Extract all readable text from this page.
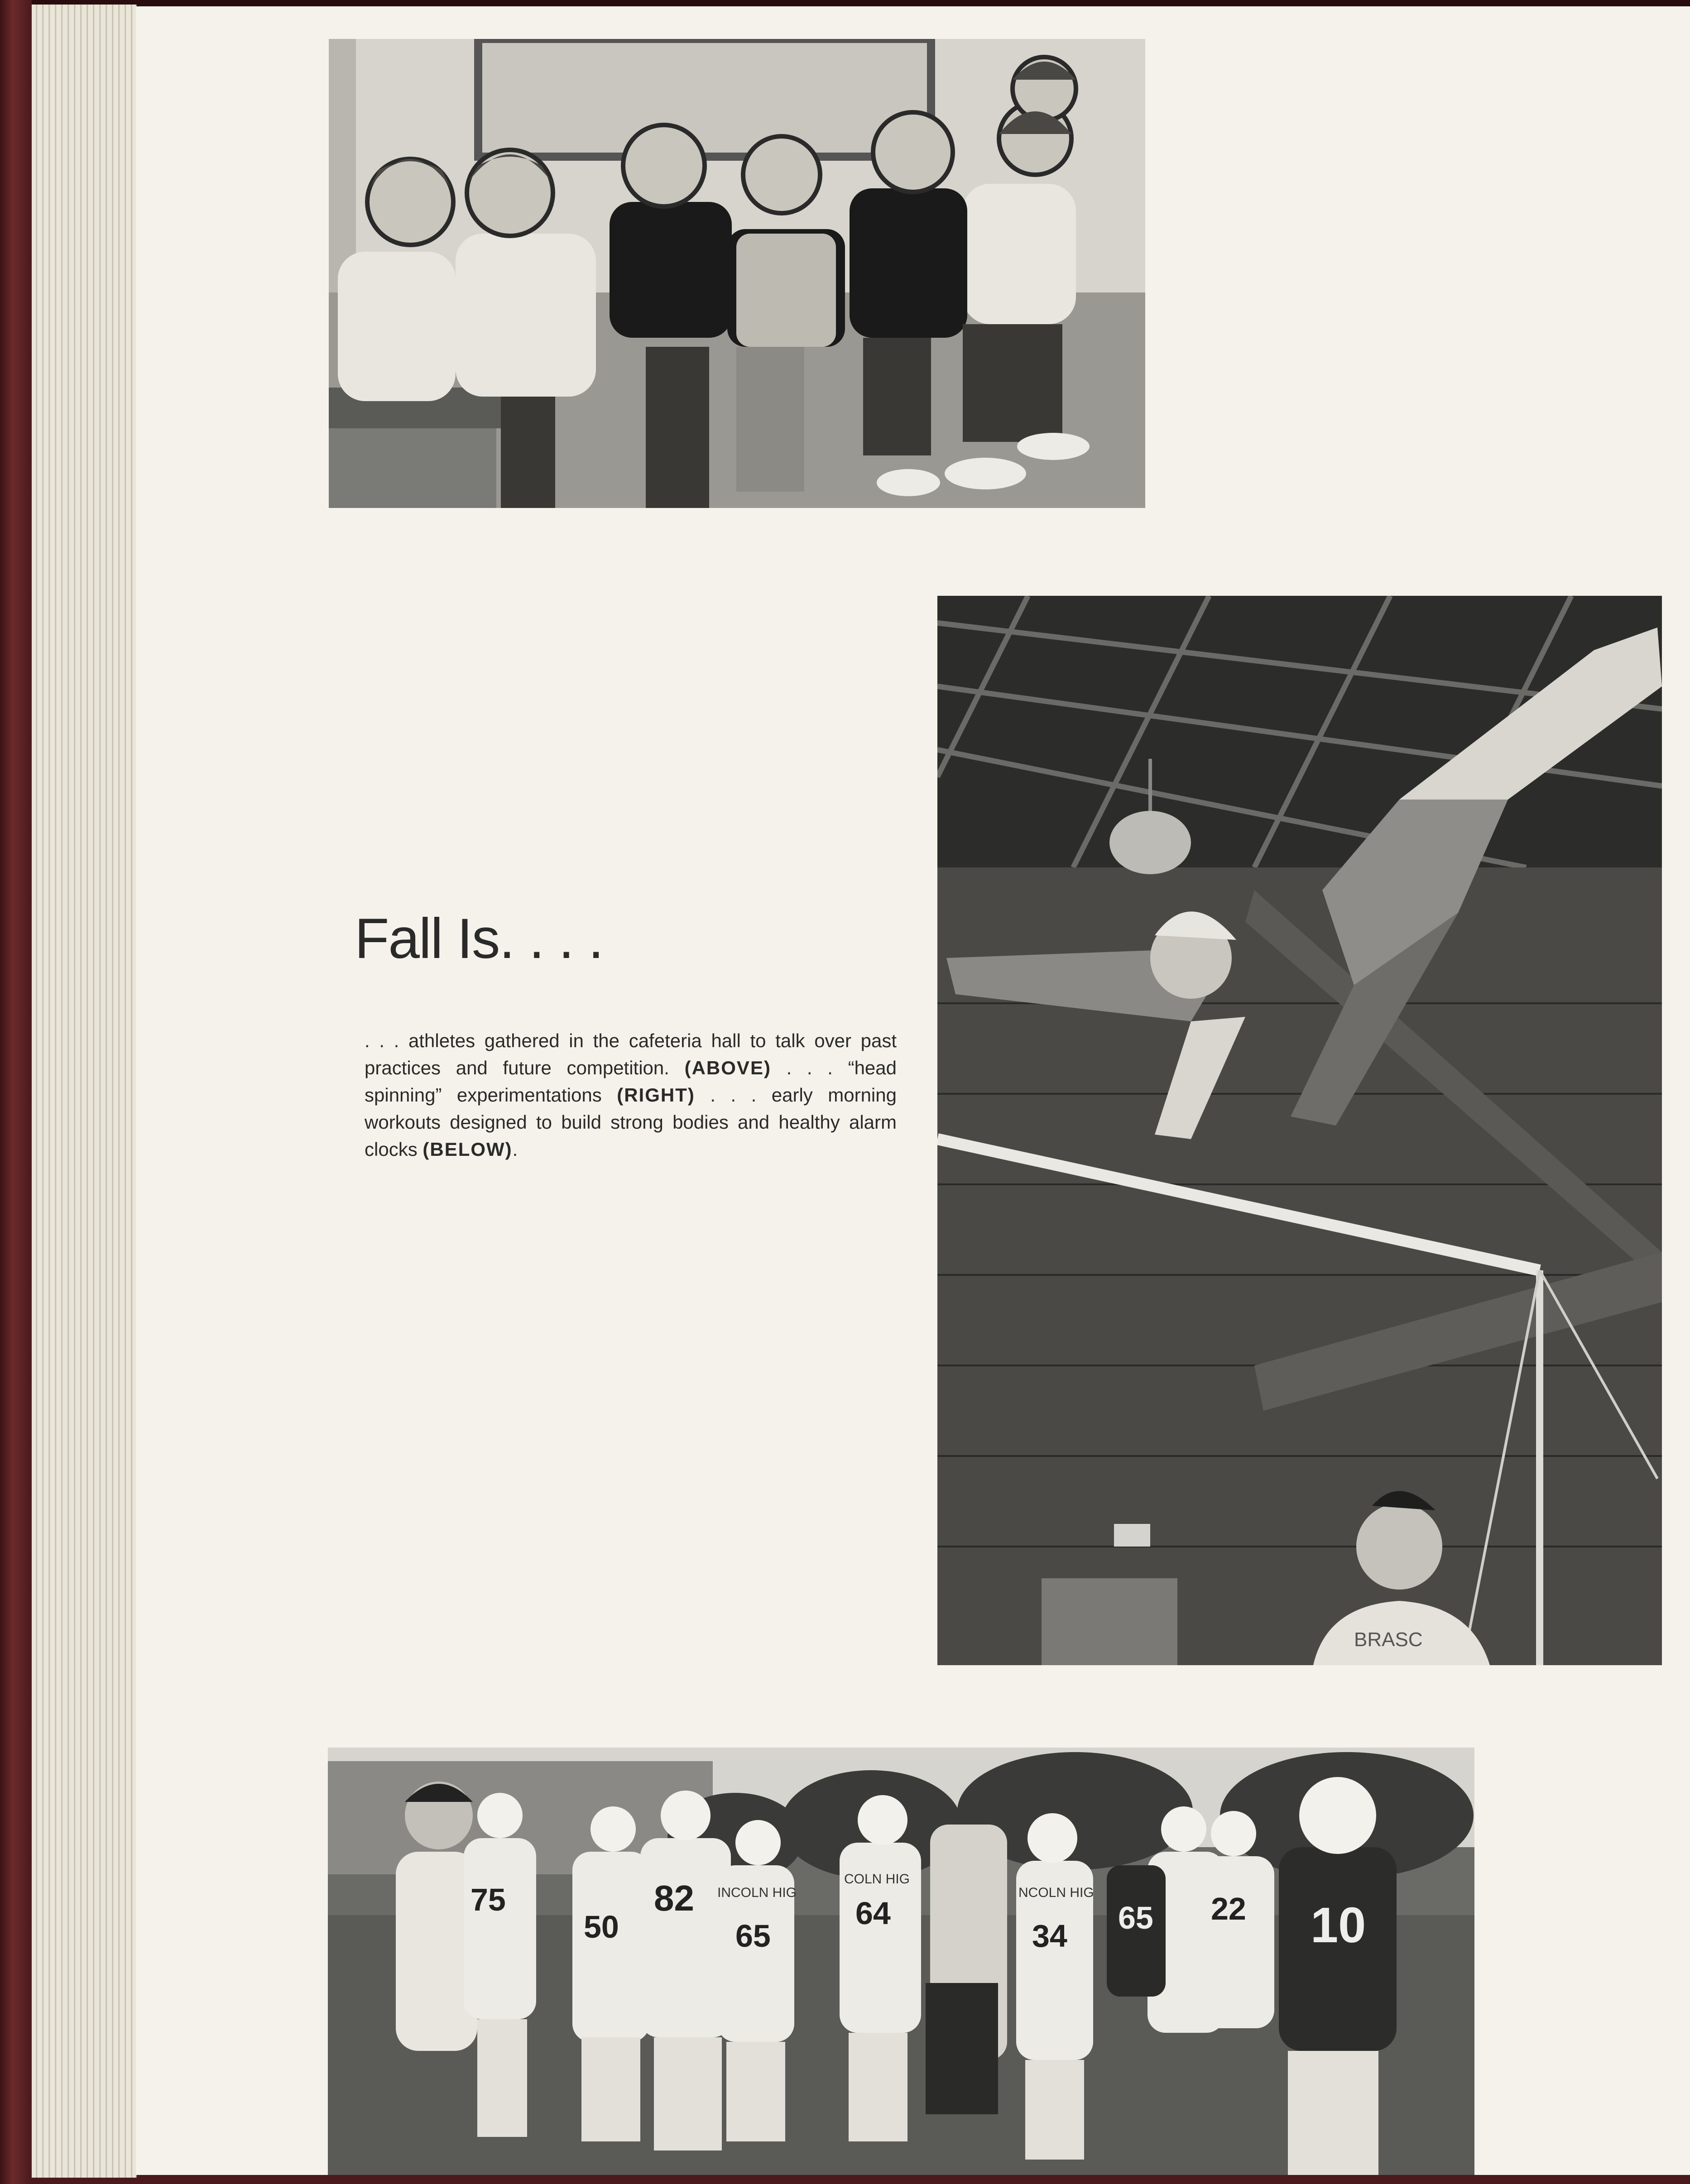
BRASC
75
50
82
65
64
34
65 22 10
INCOLN HIG
COLN HIG
NCOLN HIG
Fall Is. . . .
. . . athletes gathered in the cafeteria hall to talk over past practices and future competition. (ABOVE) . . . “head spinning” experimentations (RIGHT) . . . early morning workouts designed to build strong bodies and healthy alarm clocks (BELOW).
